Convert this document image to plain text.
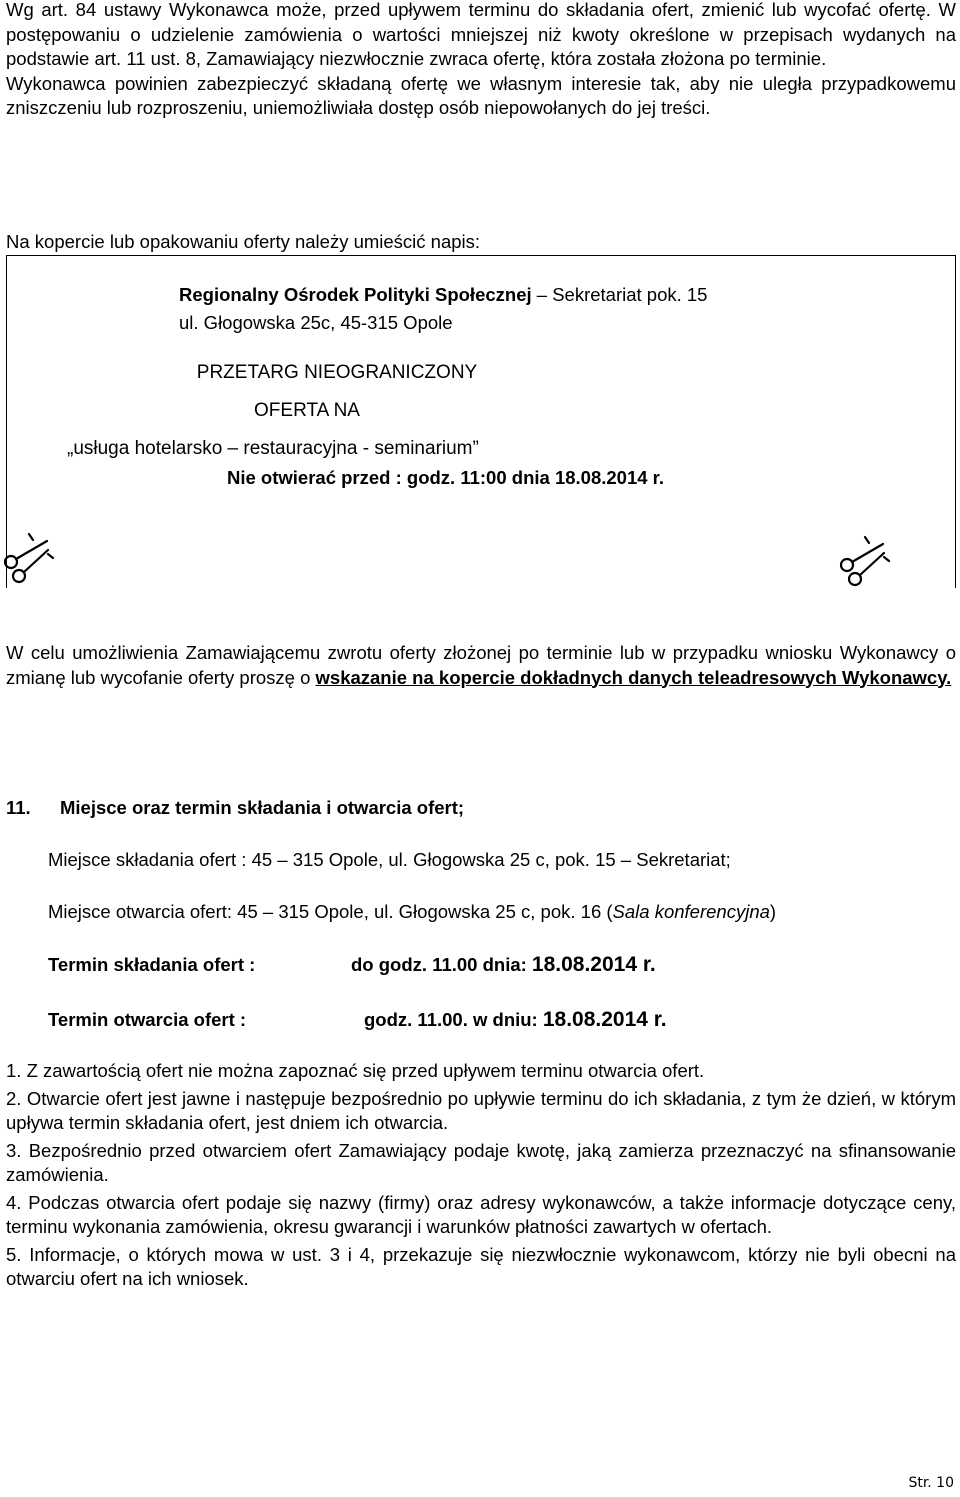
Wg art. 84 ustawy Wykonawca może, przed upływem terminu do składania ofert, zmienić lub wycofać ofertę. W postępowaniu o udzielenie zamówienia o wartości mniejszej niż kwoty określone w przepisach wydanych na podstawie art. 11 ust. 8, Zamawiający niezwłocznie zwraca ofertę, która została złożona po terminie.
Wykonawca powinien zabezpieczyć składaną ofertę we własnym interesie tak, aby nie uległa przypadkowemu zniszczeniu lub rozproszeniu, uniemożliwiała dostęp osób niepowołanych do jej treści.

Na kopercie lub opakowaniu oferty należy umieścić napis:

Regionalny Ośrodek Polityki Społecznej – Sekretariat pok. 15
ul. Głogowska 25c, 45-315 Opole
PRZETARG NIEOGRANICZONY
OFERTA NA
„usługa hotelarsko – restauracyjna - seminarium”
Nie otwierać przed : godz. 11:00 dnia 18.08.2014 r.

W celu umożliwienia Zamawiającemu zwrotu oferty złożonej po terminie lub w przypadku wniosku Wykonawcy o zmianę lub wycofanie oferty proszę o wskazanie na kopercie dokładnych danych teleadresowych Wykonawcy.

11. Miejsce oraz termin składania i otwarcia ofert;

Miejsce składania ofert : 45 – 315 Opole, ul. Głogowska 25 c, pok. 15 – Sekretariat;
Miejsce otwarcia ofert: 45 – 315 Opole, ul. Głogowska 25 c, pok. 16 (Sala konferencyjna)
Termin składania ofert :	do godz. 11.00 dnia: 18.08.2014 r.
Termin otwarcia ofert :	godz. 11.00. w dniu: 18.08.2014 r.

1. Z zawartością ofert nie można zapoznać się przed upływem terminu otwarcia ofert.

2. Otwarcie ofert jest jawne i następuje bezpośrednio po upływie terminu do ich składania, z tym że dzień, w którym upływa termin składania ofert, jest dniem ich otwarcia.

3. Bezpośrednio przed otwarciem ofert Zamawiający podaje kwotę, jaką zamierza przeznaczyć na sfinansowanie zamówienia.

4. Podczas otwarcia ofert podaje się nazwy (firmy) oraz adresy wykonawców, a także informacje dotyczące ceny, terminu wykonania zamówienia, okresu gwarancji i warunków płatności zawartych w ofertach.

5. Informacje, o których mowa w ust. 3 i 4, przekazuje się niezwłocznie wykonawcom, którzy nie byli obecni na otwarciu ofert na ich wniosek.

Str. 10
